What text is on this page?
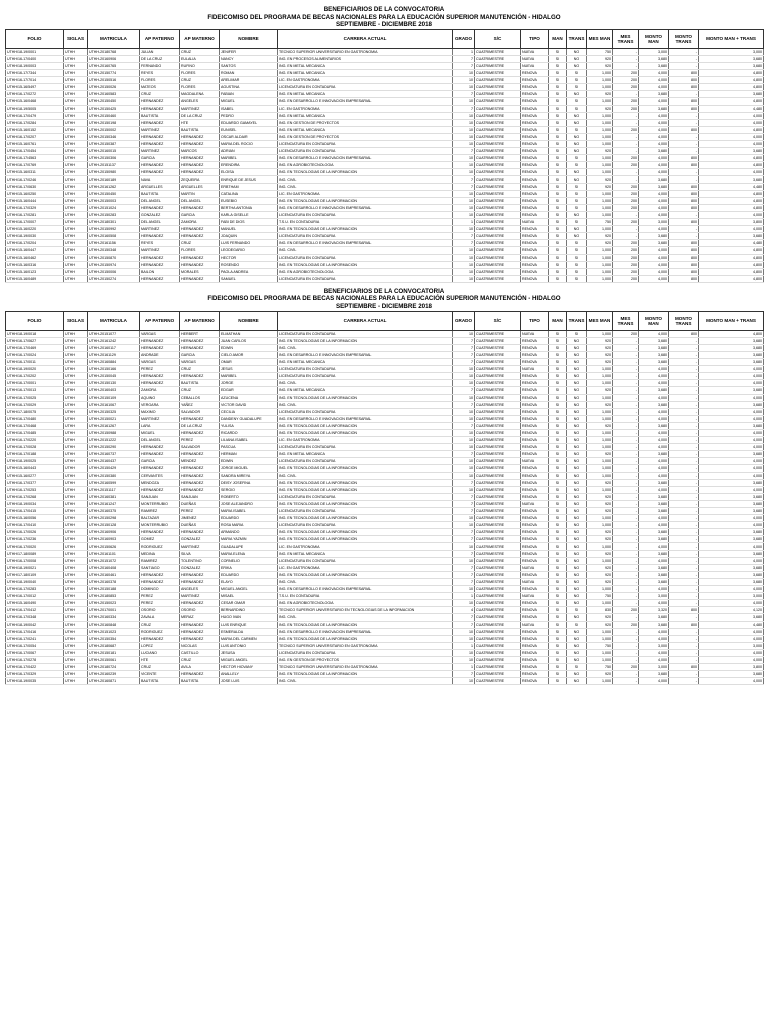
BENEFICIARIOS DE LA CONVOCATORIA
FIDEICOMISO DEL PROGRAMA DE BECAS NACIONALES PARA LA EDUCACIÓN SUPERIOR MANUTENCIÓN - HIDALGO
SEPTIEMBRE - DICIEMBRE 2018
FOLIO	SIGLAS	MATRICULA	AP PATERNO	AP MATERNO	NOMBRE	CARRERA ACTUAL	GRADO	S/C	TIPO	MAN	TRANS	MES MAN	MES TRANS	MONTO MAN	MONTO TRANS	MONTO MAN + TRANS
UTHH/18-19/0001	UTHH	UTHH-20180768	JULIAN	CRUZ	JENIFER	TECNICO SUPERIOR UNIVERSITARIO EN GASTRONOMIA	1	CUATRIMESTRE	NUEVA	SI	NO	750	-	3,000	-	3,000
UTHH/16-17/0400	UTHH	UTHH-20160906	DE LA CRUZ	EULALIA	NANCY	ING. EN PROCESOS ALIMENTARIOS	7	CUATRIMESTRE	NUEVA	SI	NO	920	-	3,680	-	3,680
UTHH/18-19/0003	UTHH	UTHH-20160765	FERNANDO	RUFINO	SANTOS	ING. EN METAL MECANICA	7	CUATRIMESTRE	NUEVA	SI	NO	920	-	3,680	-	3,680
UTHH/16-17/7344	UTHH	UTHH-20150774	REYES	FLORES	ROMAN	ING. EN METAL MECANICA	10	CUATRIMESTRE	RENOVA	SI	SI	1,000	200	4,000	800	4,800
UTHH/16-17/7014	UTHH	UTHH-20150516	FLORES	CRUZ	ARELIMAR	LIC. EN GASTRONOMIA	10	CUATRIMESTRE	RENOVA	SI	SI	1,000	200	4,000	800	4,800
UTHH/15-16/5497	UTHH	UTHH-20150026	MATEOS	FLORES	AGUSTINA	LICENCIATURA EN CONTADURIA	10	CUATRIMESTRE	RENOVA	SI	SI	1,000	200	4,000	800	4,800
UTHH/16-17/0272	UTHH	UTHH-20160583	CRUZ	MAGDALENA	FABIAN	ING. EN METAL MECANICA	7	CUATRIMESTRE	RENOVA	SI	NO	920	-	3,680	-	3,680
UTHH/15-16/0468	UTHH	UTHH-20150450	HERNANDEZ	ANGELES	MIGUEL	ING. EN DESARROLLO E INNOVACION EMPRESARIAL	10	CUATRIMESTRE	RENOVA	SI	SI	1,000	200	4,000	800	4,800
UTHH/18-19/5005	UTHH	UTHH-20150425	HERNANDEZ	MARTINEZ	ISABEL	LIC. EN GASTRONOMIA	7	CUATRIMESTRE	RENOVA	SI	SI	920	200	3,680	800	4,480
UTHH/16-17/0479	UTHH	UTHH-20150460	BAUTISTA	DE LA CRUZ	PEDRO	ING. EN METAL MECANICA	10	CUATRIMESTRE	RENOVA	SI	NO	1,000	-	4,000	-	4,000
UTHH/16-17/0284	UTHH	UTHH-20150198	HERNANDEZ	HTE	EDUARDO GAMAYEL	ING. EN GESTION DE PROYECTOS	10	CUATRIMESTRE	RENOVA	SI	NO	1,000	-	4,000	-	4,000
UTHH/15-16/0152	UTHH	UTHH-20150002	MARTINEZ	BAUTISTA	EUNISEL	ING. EN METAL MECANICA	10	CUATRIMESTRE	RENOVA	SI	SI	1,000	200	4,000	800	4,800
UTHH/16-17/0207	UTHH	UTHH-20150346	HERNANDEZ	HERNANDEZ	OSCAR ALDAIR	ING. EN GESTION DE PROYECTOS	10	CUATRIMESTRE	RENOVA	SI	NO	1,000	-	4,000	-	4,000
UTHH/15-16/0761	UTHH	UTHH-20150387	HERNANDEZ	HERNANDEZ	MARIA DEL ROCIO	LICENCIATURA EN CONTADURIA	10	CUATRIMESTRE	RENOVA	SI	NO	1,000	-	4,000	-	4,000
UTHH/16-17/0454	UTHH	UTHH-20160015	MARTINEZ	MARCOS	ADRIAN	LICENCIATURA EN CONTADURIA	7	CUATRIMESTRE	RENOVA	SI	NO	920	-	3,680	-	3,680
UTHH/16-17/4563	UTHH	UTHH-20150306	GARCIA	HERNANDEZ	MARIBEL	ING. EN DESARROLLO E INNOVACION EMPRESARIAL	10	CUATRIMESTRE	RENOVA	SI	SI	1,000	200	4,000	800	4,800
UTHH/16-17/0769	UTHH	UTHH-20151137	HERNANDEZ	HERNANDEZ	ERENDIRA	ING. EN AGROBIOTECNOLOGIA	10	CUATRIMESTRE	RENOVA	SI	SI	1,000	200	4,000	800	4,800
UTHH/15-16/0311	UTHH	UTHH-20150980	HERNANDEZ	HERNANDEZ	ELOISA	ING. EN TECNOLOGIAS DE LA INFORMACION	10	CUATRIMESTRE	RENOVA	SI	NO	1,000	-	4,000	-	4,000
UTHH/16-17/0246	UTHH	UTHH-20160189	NAVA	ZEQUEIRA	ENRIQUE DE JESUS	ING. CIVIL	7	CUATRIMESTRE	RENOVA	SI	NO	920	-	3,680	-	3,680
UTHH/16-17/0630	UTHH	UTHH-20161262	ARGUELLES	ARGUELLES	ERBTHAM	ING. CIVIL	7	CUATRIMESTRE	RENOVA	SI	SI	920	200	3,680	800	4,480
UTHH/15-16/0250	UTHH	UTHH-20150450	BAUTISTA	MARTIN	CATALINA	LIC. EN GASTRONOMIA	10	CUATRIMESTRE	RENOVA	SI	SI	1,000	200	4,000	800	4,800
UTHH/15-16/0444	UTHH	UTHH-20150003	DEL ANGEL	DEL ANGEL	EUSEBIO	ING. EN TECNOLOGIAS DE LA INFORMACION	10	CUATRIMESTRE	RENOVA	SI	SI	1,000	200	4,000	800	4,800
UTHH/16-17/0329	UTHH	UTHH-20151024	HERNANDEZ	HERNANDEZ	BERTHA ANTONIA	ING. EN DESARROLLO E INNOVACION EMPRESARIAL	10	CUATRIMESTRE	RENOVA	SI	SI	1,000	200	4,000	800	4,800
UTHH/16-17/0281	UTHH	UTHH-20150283	GONZALEZ	GARCIA	KARLA GISELLE	LICENCIATURA EN CONTADURIA	10	CUATRIMESTRE	RENOVA	SI	NO	1,000	-	4,000	-	4,000
UTHH/16-17/0007	UTHH	UTHH-20180301	DEL ANGEL	ZAMORA	FABI DE DIOS	T.S.U. EN CONTADURIA	1	CUATRIMESTRE	NUEVA	SI	SI	750	200	3,000	800	3,800
UTHH/15-16/0220	UTHH	UTHH-20150992	MARTINEZ	HERNANDEZ	MANUEL	ING. EN TECNOLOGIAS DE LA INFORMACION	10	CUATRIMESTRE	RENOVA	SI	NO	1,000	-	4,000	-	4,000
UTHH/18-19/0030	UTHH	UTHH-20160508	HERNANDEZ	HERNANDEZ	JOAQUIN	LICENCIATURA EN CONTADURIA	7	CUATRIMESTRE	RENOVA	SI	NO	920	-	3,680	-	3,680
UTHH/16-17/0204	UTHH	UTHH-20161156	REYES	CRUZ	LUIS FERNANDO	ING. EN DESARROLLO E INNOVACION EMPRESARIAL	7	CUATRIMESTRE	RENOVA	SI	SI	920	200	3,680	800	4,480
UTHH/15-16/0447	UTHH	UTHH-20150348	MARTINEZ	FLORES	LEODEGARIO	ING. CIVIL	10	CUATRIMESTRE	RENOVA	SI	SI	1,000	200	4,000	800	4,800
UTHH/15-16/0462	UTHH	UTHH-20150870	HERNANDEZ	HERNANDEZ	HECTOR	LICENCIATURA EN CONTADURIA	10	CUATRIMESTRE	RENOVA	SI	SI	1,000	200	4,000	800	4,800
UTHH/15-16/0316	UTHH	UTHH-20150974	HERNANDEZ	HERNANDEZ	ROSENDO	ING. EN TECNOLOGIAS DE LA INFORMACION	10	CUATRIMESTRE	RENOVA	SI	SI	1,000	200	4,000	800	4,800
UTHH/15-16/0123	UTHH	UTHH-20150006	BAILON	MORALES	PAOLA ANDREA	ING. EN AGROBIOTECNOLOGIA	10	CUATRIMESTRE	RENOVA	SI	SI	1,000	200	4,000	800	4,800
UTHH/15-16/0489	UTHH	UTHH-20150274	HERNANDEZ	HERNANDEZ	SAMUEL	LICENCIATURA EN CONTADURIA	10	CUATRIMESTRE	RENOVA	SI	SI	1,000	200	4,000	800	4,800
BENEFICIARIOS DE LA CONVOCATORIA
FIDEICOMISO DEL PROGRAMA DE BECAS NACIONALES PARA LA EDUCACIÓN SUPERIOR MANUTENCIÓN - HIDALGO
SEPTIEMBRE - DICIEMBRE 2018
FOLIO	SIGLAS	MATRICULA	AP PATERNO	AP MATERNO	NOMBRE	CARRERA ACTUAL	GRADO	S/C	TIPO	MAN	TRANS	MES MAN	MES TRANS	MONTO MAN	MONTO TRANS	MONTO MAN + TRANS
UTHH/18-19/0018	UTHH	UTHH-20151077	VARGAS	HERBERT	ELMATHAN	LICENCIATURA EN CONTADURIA	10	CUATRIMESTRE	NUEVA	SI	SI	1,000	200	4,000	800	4,800
UTHH/16-17/0627	UTHH	UTHH-20161242	HERNANDEZ	HERNANDEZ	JUAN CARLOS	ING. EN TECNOLOGIAS DE LA INFORMACION	7	CUATRIMESTRE	RENOVA	SI	NO	920	-	3,680	-	3,680
UTHH/16-17/0469	UTHH	UTHH-20160117	HERNANDEZ	HERNANDEZ	EDWIN	ING. CIVIL	7	CUATRIMESTRE	RENOVA	SI	NO	920	-	3,680	-	3,680
UTHH/16-17/0024	UTHH	UTHH-20161129	ANDRADE	GARCIA	CIELO AMOR	ING. EN DESARROLLO E INNOVACION EMPRESARIAL	7	CUATRIMESTRE	RENOVA	SI	NO	920	-	3,680	-	3,680
UTHH/16-17/0011	UTHH	UTHH-20160884	VARGAS	VARGAS	OMAR	ING. EN METAL MECANICA	7	CUATRIMESTRE	RENOVA	SI	NO	920	-	3,680	-	3,680
UTHH/18-19/0020	UTHH	UTHH-20150166	PEREZ	CRUZ	JESUS	LICENCIATURA EN CONTADURIA	10	CUATRIMESTRE	NUEVA	SI	NO	1,000	-	4,000	-	4,000
UTHH/16-17/0202	UTHH	UTHH-20150045	HERNANDEZ	HERNANDEZ	MARIBEL	LICENCIATURA EN CONTADURIA	10	CUATRIMESTRE	RENOVA	SI	NO	1,000	-	4,000	-	4,000
UTHH/16-17/0001	UTHH	UTHH-20150130	HERNANDEZ	BAUTISTA	JORGE	ING. CIVIL	10	CUATRIMESTRE	RENOVA	SI	NO	1,000	-	4,000	-	4,000
UTHH/16-17/0013	UTHH	UTHH-20160403	ZAMORA	CRUZ	EDGAR	ING. EN METAL MECANICA	7	CUATRIMESTRE	RENOVA	SI	NO	920	-	3,680	-	3,680
UTHH/16-17/0025	UTHH	UTHH-20150109	AQUINO	CEBALLOS	AZUCENA	ING. EN TECNOLOGIAS DE LA INFORMACION	10	CUATRIMESTRE	RENOVA	SI	NO	1,000	-	4,000	-	4,000
UTHH/16-17/0029	UTHH	UTHH-20161067	VERGARA	YAÑEZ	VICTOR DAVID	ING. CIVIL	7	CUATRIMESTRE	RENOVA	SI	NO	920	-	3,680	-	3,680
UTHH/17-18/0075	UTHH	UTHH-20150325	MAXIMO	SALVADOR	CECILIA	LICENCIATURA EN CONTADURIA	10	CUATRIMESTRE	RENOVA	SI	NO	1,000	-	4,000	-	4,000
UTHH/16-17/0480	UTHH	UTHH-20150021	MARTINEZ	HERNANDEZ	DANDENY GUADALUPE	ING. EN DESARROLLO E INNOVACION EMPRESARIAL	10	CUATRIMESTRE	RENOVA	SI	NO	1,000	-	4,000	-	4,000
UTHH/16-17/0468	UTHH	UTHH-20161267	LARA	DE LA CRUZ	YULISA	ING. EN TECNOLOGIAS DE LA INFORMACION	7	CUATRIMESTRE	RENOVA	SI	NO	920	-	3,680	-	3,680
UTHH/16-17/0485	UTHH	UTHH-20150988	MIGUEL	HERNANDEZ	RICARDO	ING. EN TECNOLOGIAS DE LA INFORMACION	10	CUATRIMESTRE	RENOVA	SI	NO	1,000	-	4,000	-	4,000
UTHH/16-17/0220	UTHH	UTHH-20151222	DEL ANGEL	PEREZ	LILIANA ISABEL	LIC. EN GASTRONOMIA	10	CUATRIMESTRE	RENOVA	SI	NO	1,000	-	4,000	-	4,000
UTHH/16-17/0028	UTHH	UTHH-20150290	HERNANDEZ	SALVADOR	PASCUA	LICENCIATURA EN CONTADURIA	10	CUATRIMESTRE	RENOVA	SI	NO	1,000	-	4,000	-	4,000
UTHH/16-17/0188	UTHH	UTHH-20160737	HERNANDEZ	HERNANDEZ	HERMAN	ING. EN METAL MECANICA	7	CUATRIMESTRE	RENOVA	SI	NO	920	-	3,680	-	3,680
UTHH/18-19/0025	UTHH	UTHH-20160437	GARCIA	MENDEZ	EDWIN	LICENCIATURA EN CONTADURIA	10	CUATRIMESTRE	NUEVA	SI	NO	1,000	-	4,000	-	4,000
UTHH/15-16/0443	UTHH	UTHH-20150429	HERNANDEZ	HERNANDEZ	JORGE MIGUEL	ING. EN TECNOLOGIAS DE LA INFORMACION	10	CUATRIMESTRE	RENOVA	SI	NO	1,000	-	4,000	-	4,000
UTHH/15-16/0277	UTHH	UTHH-20150380	CERVANTES	HERNANDEZ	SANDRA MIREYA	ING. CIVIL	10	CUATRIMESTRE	RENOVA	SI	NO	1,000	-	4,000	-	4,000
UTHH/16-17/0377	UTHH	UTHH-20160599	MENDOZA	HERNANDEZ	DEISY JOSEFINA	ING. EN TECNOLOGIAS DE LA INFORMACION	7	CUATRIMESTRE	RENOVA	SI	NO	920	-	3,680	-	3,680
UTHH/16-17/0253	UTHH	UTHH-20151117	HERNANDEZ	HERNANDEZ	SERGIO	ING. EN TECNOLOGIAS DE LA INFORMACION	10	CUATRIMESTRE	RENOVA	SI	NO	1,000	-	4,000	-	4,000
UTHH/16-17/0268	UTHH	UTHH-20160381	SANJUAN	SANJUAN	ROBERTO	LICENCIATURA EN CONTADURIA	7	CUATRIMESTRE	RENOVA	SI	NO	920	-	3,680	-	3,680
UTHH/18-19/0034	UTHH	UTHH-20161247	MONTERRUBIO	DUEÑAS	JOSE ALEJANDRO	ING. EN TECNOLOGIAS DE LA INFORMACION	7	CUATRIMESTRE	NUEVA	SI	NO	920	-	3,680	-	3,680
UTHH/16-17/0415	UTHH	UTHH-20160375	RAMIREZ	PEREZ	MARIA ISABEL	LICENCIATURA EN CONTADURIA	7	CUATRIMESTRE	RENOVA	SI	NO	920	-	3,680	-	3,680
UTHH/15-16/0056	UTHH	UTHH-20150298	BALTAZAR	JIMENEZ	EDUARDO	ING. EN TECNOLOGIAS DE LA INFORMACION	10	CUATRIMESTRE	RENOVA	SI	NO	1,000	-	4,000	-	4,000
UTHH/16-17/0410	UTHH	UTHH-20150128	MONTERRUBIO	DUEÑAS	ROSA MARIA	LICENCIATURA EN CONTADURIA	10	CUATRIMESTRE	RENOVA	SI	NO	1,000	-	4,000	-	4,000
UTHH/16-17/0026	UTHH	UTHH-20160906	HERNANDEZ	HERNANDEZ	ARMANDO	ING. EN TECNOLOGIAS DE LA INFORMACION	7	CUATRIMESTRE	RENOVA	SI	NO	920	-	3,680	-	3,680
UTHH/16-17/0236	UTHH	UTHH-20160903	GOMEZ	GONZALEZ	MARIA YAZMIN	ING. EN TECNOLOGIAS DE LA INFORMACION	7	CUATRIMESTRE	RENOVA	SI	NO	920	-	3,680	-	3,680
UTHH/16-17/0020	UTHH	UTHH-20150626	RODRIGUEZ	MARTINEZ	GUADALUPE	LIC. EN GASTRONOMIA	10	CUATRIMESTRE	RENOVA	SI	NO	1,000	-	4,000	-	4,000
UTHH/17-18/0089	UTHH	UTHH-20161101	MEDINA	SILVA	MARIA ELENA	ING. EN METAL MECANICA	7	CUATRIMESTRE	RENOVA	SI	NO	920	-	3,680	-	3,680
UTHH/16-17/0008	UTHH	UTHH-20151072	RAMIREZ	TOLENTINO	CORNELIO	LICENCIATURA EN CONTADURIA	10	CUATRIMESTRE	RENOVA	SI	NO	1,000	-	4,000	-	4,000
UTHH/18-19/0021	UTHH	UTHH-20160408	SANTIAGO	GONZALEZ	ERIKA	LIC. EN GASTRONOMIA	7	CUATRIMESTRE	NUEVA	SI	NO	920	-	3,680	-	3,680
UTHH/17-18/0109	UTHH	UTHH-20160461	HERNANDEZ	HERNANDEZ	EDUARDO	ING. EN TECNOLOGIAS DE LA INFORMACION	7	CUATRIMESTRE	RENOVA	SI	NO	920	-	3,680	-	3,680
UTHH/18-19/0040	UTHH	UTHH-20160378	HERNANDEZ	HERNANDEZ	ELAYO	ING. CIVIL	7	CUATRIMESTRE	NUEVA	SI	NO	920	-	3,680	-	3,680
UTHH/16-17/0283	UTHH	UTHH-20150188	DOMINGO	ANGELES	MIGUEL ANGEL	ING. EN DESARROLLO E INNOVACION EMPRESARIAL	10	CUATRIMESTRE	RENOVA	SI	NO	1,000	-	4,000	-	4,000
UTHH/16-17/0012	UTHH	UTHH-20180853	PEREZ	MARTINEZ	MISAEL	T.S.U. EN CONTADURIA	1	CUATRIMESTRE	NUEVA	SI	NO	750	-	3,000	-	3,000
UTHH/15-16/0490	UTHH	UTHH-20150023	PEREZ	HERNANDEZ	CESAR OMAR	ING. EN AGROBIOTECNOLOGIA	10	CUATRIMESTRE	RENOVA	SI	NO	1,000	-	4,000	-	4,000
UTHH/16-17/0412	UTHH	UTHH-20170001	OSORIO	OSORIO	BERNARDINO	TECNICO SUPERIOR UNIVERSITARIO EN TECNOLOGIAS DE LA INFORMACION	4	CUATRIMESTRE	RENOVA	SI	SI	830	200	3,320	800	4,120
UTHH/16-17/0348	UTHH	UTHH-20160334	ZAVALA	MERAZ	HUGO IVAN	ING. CIVIL	7	CUATRIMESTRE	RENOVA	SI	NO	920	-	3,680	-	3,680
UTHH/18-19/0042	UTHH	UTHH-20160848	CRUZ	HERNANDEZ	LUIS ENRIQUE	ING. EN TECNOLOGIAS DE LA INFORMACION	7	CUATRIMESTRE	NUEVA	SI	SI	920	200	3,680	800	4,480
UTHH/16-17/0416	UTHH	UTHH-20151023	RODRIGUEZ	HERNANDEZ	ESMERALDA	ING. EN DESARROLLO E INNOVACION EMPRESARIAL	10	CUATRIMESTRE	RENOVA	SI	NO	1,000	-	4,000	-	4,000
UTHH/16-17/0241	UTHH	UTHH-20150354	HERNANDEZ	HERNANDEZ	MARIA DEL CARMEN	ING. EN TECNOLOGIAS DE LA INFORMACION	10	CUATRIMESTRE	RENOVA	SI	NO	1,000	-	4,000	-	4,000
UTHH/16-17/0054	UTHH	UTHH-20180687	LOPEZ	NICOLAS	LUIS ANTONIO	TECNICO SUPERIOR UNIVERSITARIO EN GASTRONOMIA	1	CUATRIMESTRE	RENOVA	SI	NO	750	-	3,000	-	3,000
UTHH/16-17/0067	UTHH	UTHH-20150181	LUCIANO	CASTILLO	JESUSA	LICENCIATURA EN CONTADURIA	10	CUATRIMESTRE	RENOVA	SI	NO	1,000	-	4,000	-	4,000
UTHH/16-17/0278	UTHH	UTHH-20150061	HTE	CRUZ	MIGUEL ANGEL	ING. EN GESTION DE PROYECTOS	10	CUATRIMESTRE	RENOVA	SI	NO	1,000	-	4,000	-	4,000
UTHH/16-17/0422	UTHH	UTHH-20180724	CRUZ	AVILA	HECTOR HIOVANY	TECNICO SUPERIOR UNIVERSITARIO EN GASTRONOMIA	1	CUATRIMESTRE	RENOVA	SI	SI	750	200	3,000	800	3,800
UTHH/16-17/0329	UTHH	UTHH-20160239	VICENTE	HERNANDEZ	ANALLELY	ING. EN TECNOLOGIAS DE LA INFORMACION	7	CUATRIMESTRE	RENOVA	SI	NO	920	-	3,680	-	3,680
UTHH/18-19/0035	UTHH	UTHH-20160871	BAUTISTA	BAUTISTA	JOSE LUIS	ING. CIVIL	10	CUATRIMESTRE	RENOVA	SI	NO	1,000	-	4,000	-	4,000
